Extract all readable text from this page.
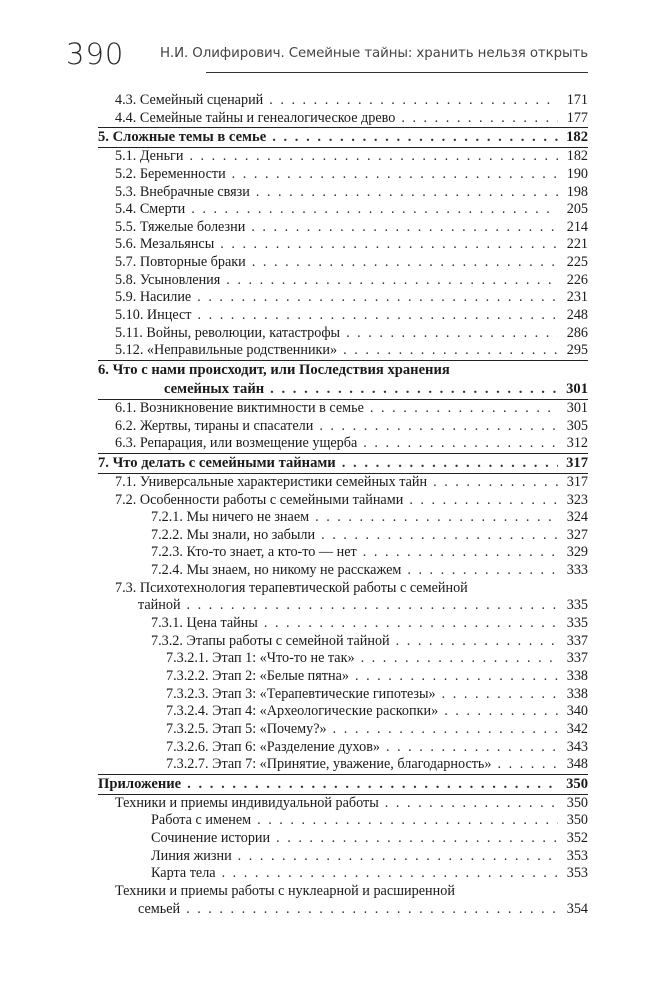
390	Н.И. Олифирович. Семейные тайны: хранить нельзя открыть
4.3. Семейный сценарий . . .	171
4.4. Семейные тайны и генеалогическое древо . . .	177
5. Сложные темы в семье . . .	182
5.1. Деньги . . .	182
5.2. Беременности . . .	190
5.3. Внебрачные связи . . .	198
5.4. Смерти . . .	205
5.5. Тяжелые болезни . . .	214
5.6. Мезальянсы . . .	221
5.7. Повторные браки . . .	225
5.8. Усыновления . . .	226
5.9. Насилие . . .	231
5.10. Инцест . . .	248
5.11. Войны, революции, катастрофы . . .	286
5.12. «Неправильные родственники» . . .	295
6. Что с нами происходит, или Последствия хранения
семейных тайн . . .	301
6.1. Возникновение виктимности в семье . . .	301
6.2. Жертвы, тираны и спасатели . . .	305
6.3. Репарация, или возмещение ущерба . . .	312
7. Что делать с семейными тайнами . . .	317
7.1. Универсальные характеристики семейных тайн . . .	317
7.2. Особенности работы с семейными тайнами . . .	323
7.2.1. Мы ничего не знаем . . .	324
7.2.2. Мы знали, но забыли . . .	327
7.2.3. Кто-то знает, а кто-то — нет . . .	329
7.2.4. Мы знаем, но никому не расскажем . . .	333
7.3. Психотехнология терапевтической работы с семейной
тайной . . .	335
7.3.1. Цена тайны . . .	335
7.3.2. Этапы работы с семейной тайной . . .	337
7.3.2.1. Этап 1: «Что-то не так» . . .	337
7.3.2.2. Этап 2: «Белые пятна» . . .	338
7.3.2.3. Этап 3: «Терапевтические гипотезы» . . .	338
7.3.2.4. Этап 4: «Археологические раскопки» . . .	340
7.3.2.5. Этап 5: «Почему?» . . .	342
7.3.2.6. Этап 6: «Разделение духов» . . .	343
7.3.2.7. Этап 7: «Принятие, уважение, благодарность» . . .	348
Приложение . . .	350
Техники и приемы индивидуальной работы . . .	350
Работа с именем . . .	350
Сочинение истории . . .	352
Линия жизни . . .	353
Карта тела . . .	353
Техники и приемы работы с нуклеарной и расширенной
семьей . . .	354
